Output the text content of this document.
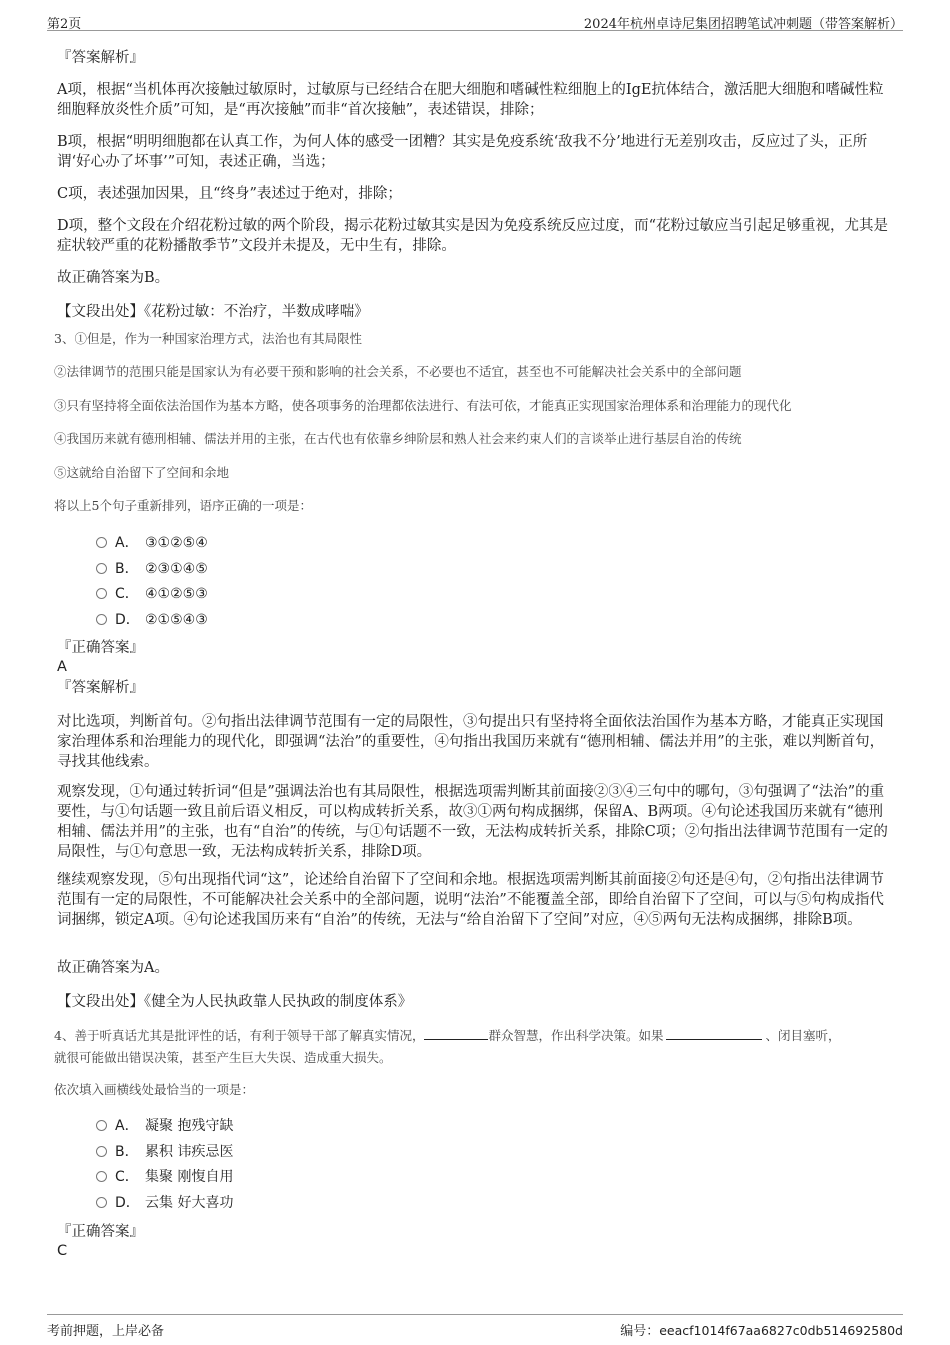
第2页	2024年杭州卓诗尼集团招聘笔试冲刺题（带答案解析）
『答案解析』
A项，根据“当机体再次接触过敏原时，过敏原与已经结合在肥大细胞和嗜碱性粒细胞上的IgE抗体结合，激活肥大细胞和嗜碱性粒细胞释放炎性介质”可知，是“再次接触”而非“首次接触”，表述错误，排除；
B项，根据“明明细胞都在认真工作，为何人体的感受一团糟？其实是免疫系统‘敌我不分’地进行无差别攻击，反应过了头，正所谓‘好心办了坏事’”可知，表述正确，当选；
C项，表述强加因果，且“终身”表述过于绝对，排除；
D项，整个文段在介绍花粉过敏的两个阶段，揭示花粉过敏其实是因为免疫系统反应过度，而“花粉过敏应当引起足够重视，尤其是症状较严重的花粉播散季节”文段并未提及，无中生有，排除。
故正确答案为B。
【文段出处】《花粉过敏：不治疗，半数成哮喘》
3、①但是，作为一种国家治理方式，法治也有其局限性
②法律调节的范围只能是国家认为有必要干预和影响的社会关系，不必要也不适宜，甚至也不可能解决社会关系中的全部问题
③只有坚持将全面依法治国作为基本方略，使各项事务的治理都依法进行、有法可依，才能真正实现国家治理体系和治理能力的现代化
④我国历来就有德刑相辅、儒法并用的主张，在古代也有依靠乡绅阶层和熟人社会来约束人们的言谈举止进行基层自治的传统
⑤这就给自治留下了空间和余地
将以上5个句子重新排列，语序正确的一项是：
A． ③①②⑤④
B． ②③①④⑤
C． ④①②⑤③
D． ②①⑤④③
『正确答案』
A
『答案解析』
对比选项，判断首句。②句指出法律调节范围有一定的局限性，③句提出只有坚持将全面依法治国作为基本方略，才能真正实现国家治理体系和治理能力的现代化，即强调“法治”的重要性，④句指出我国历来就有“德刑相辅、儒法并用”的主张，难以判断首句，寻找其他线索。
观察发现，①句通过转折词“但是”强调法治也有其局限性，根据选项需判断其前面接②③④三句中的哪句，③句强调了“法治”的重要性，与①句话题一致且前后语义相反，可以构成转折关系，故③①两句构成捆绑，保留A、B两项。④句论述我国历来就有“德刑相辅、儒法并用”的主张，也有“自治”的传统，与①句话题不一致，无法构成转折关系，排除C项；②句指出法律调节范围有一定的局限性，与①句意思一致，无法构成转折关系，排除D项。
继续观察发现，⑤句出现指代词“这”，论述给自治留下了空间和余地。根据选项需判断其前面接②句还是④句，②句指出法律调节范围有一定的局限性，不可能解决社会关系中的全部问题，说明“法治”不能覆盖全部，即给自治留下了空间，可以与⑤句构成指代词捆绑，锁定A项。④句论述我国历来有“自治”的传统，无法与“给自治留下了空间”对应，④⑤两句无法构成捆绑，排除B项。
故正确答案为A。
【文段出处】《健全为人民执政靠人民执政的制度体系》
4、善于听真话尤其是批评性的话，有利于领导干部了解真实情况，	群众智慧，作出科学决策。如果	、闭目塞听，
就很可能做出错误决策，甚至产生巨大失误、造成重大损失。
依次填入画横线处最恰当的一项是：
A． 凝聚 抱残守缺
B． 累积 讳疾忌医
C． 集聚 刚愎自用
D． 云集 好大喜功
『正确答案』
C
考前押题，上岸必备	编号：eeacf1014f67aa6827c0db514692580d
